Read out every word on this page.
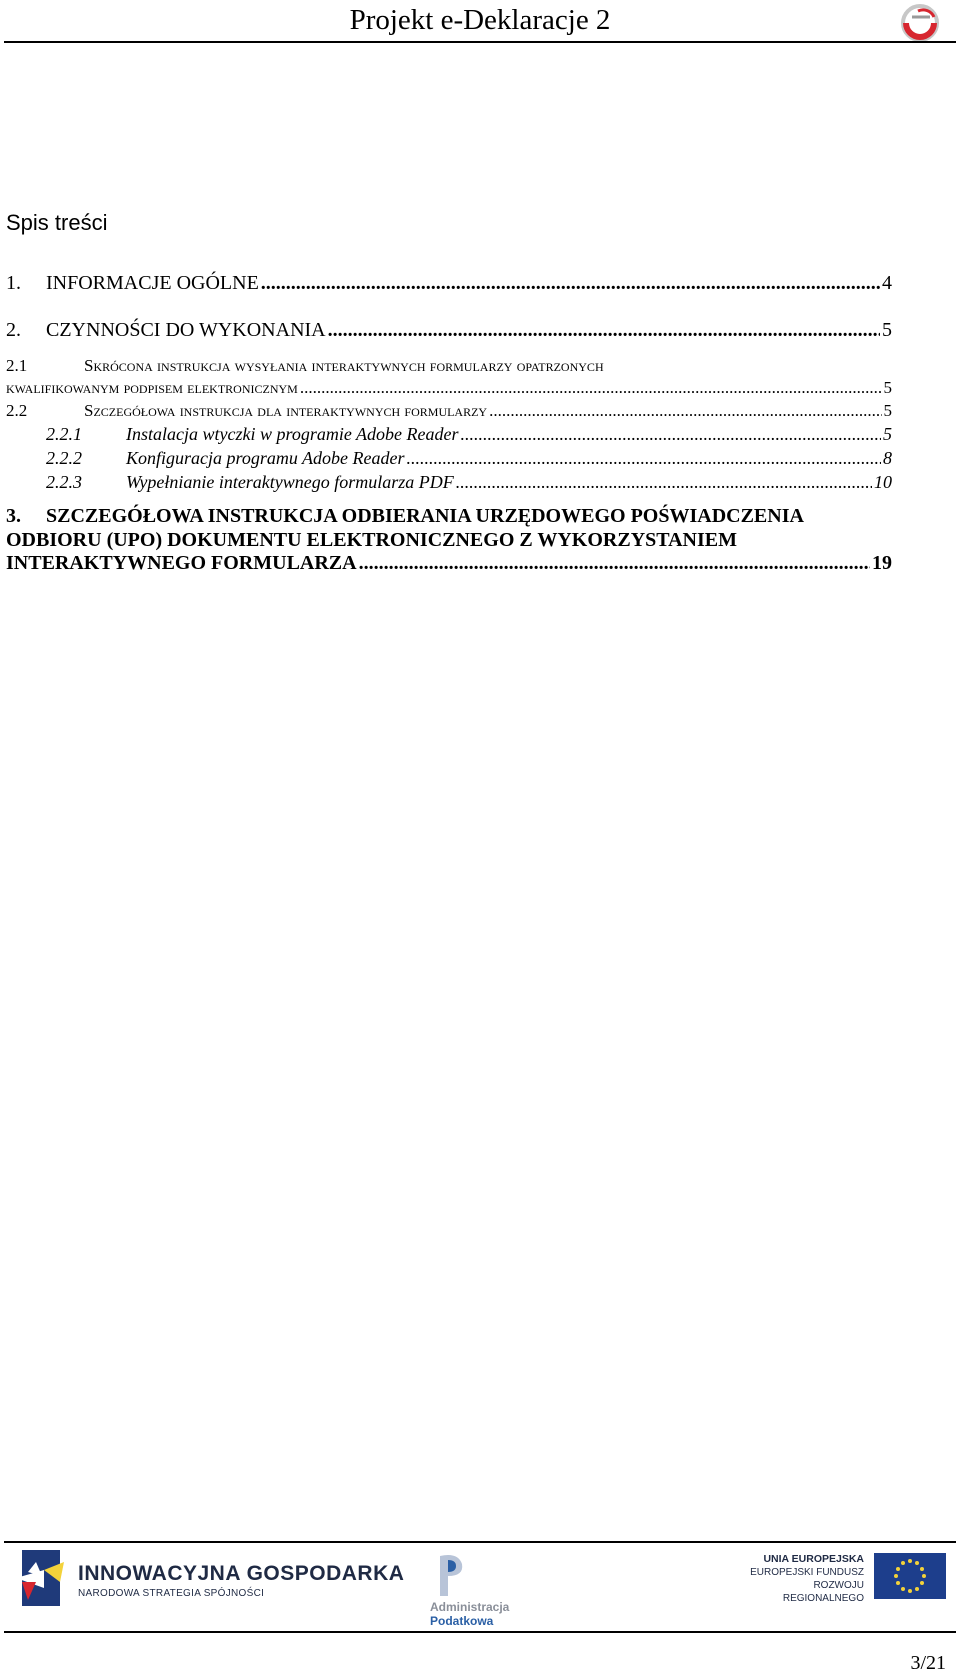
Projekt e-Deklaracje 2
Spis treści
1.	INFORMACJE OGÓLNE .....	4
2.	CZYNNOŚCI DO WYKONANIA .....	5
2.1	Skrócona instrukcja wysyłania interaktywnych formularzy opatrzonych
kwalifikowanym podpisem elektronicznym .....	5
2.2	Szczegółowa instrukcja dla interaktywnych formularzy .....	5
2.2.1	Instalacja wtyczki w programie Adobe Reader .....	5
2.2.2	Konfiguracja programu Adobe Reader .....	8
2.2.3	Wypełnianie interaktywnego formularza PDF .....	10
3.	SZCZEGÓŁOWA INSTRUKCJA ODBIERANIA URZĘDOWEGO POŚWIADCZENIA
ODBIORU (UPO) DOKUMENTU ELEKTRONICZNEGO Z WYKORZYSTANIEM
INTERAKTYWNEGO FORMULARZA .....	19
INNOWACYJNA GOSPODARKA
NARODOWA STRATEGIA SPÓJNOŚCI
Administracja
Podatkowa
UNIA EUROPEJSKA
EUROPEJSKI FUNDUSZ
ROZWOJU REGIONALNEGO
3/21
